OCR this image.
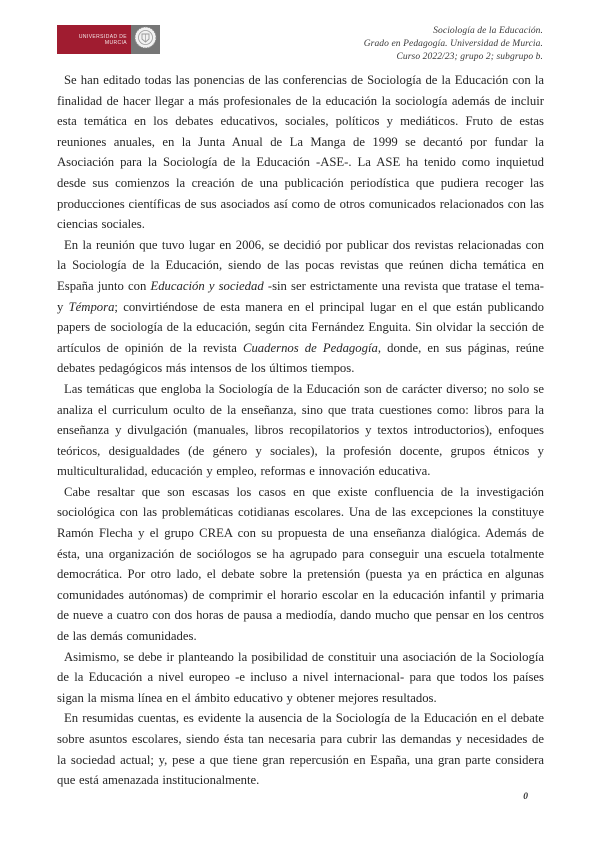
UNIVERSIDAD DE
MURCIA
Sociología de la Educación.
Grado en Pedagogía. Universidad de Murcia.
Curso 2022/23; grupo 2; subgrupo b.

Se han editado todas las ponencias de las conferencias de Sociología de la Educación con la finalidad de hacer llegar a más profesionales de la educación la sociología además de incluir esta temática en los debates educativos, sociales, políticos y mediáticos. Fruto de estas reuniones anuales, en la Junta Anual de La Manga de 1999 se decantó por fundar la Asociación para la Sociología de la Educación -ASE-. La ASE ha tenido como inquietud desde sus comienzos la creación de una publicación periodística que pudiera recoger las producciones científicas de sus asociados así como de otros comunicados relacionados con las ciencias sociales.

En la reunión que tuvo lugar en 2006, se decidió por publicar dos revistas relacionadas con la Sociología de la Educación, siendo de las pocas revistas que reúnen dicha temática en España junto con Educación y sociedad -sin ser estrictamente una revista que tratase el tema- y Témpora; convirtiéndose de esta manera en el principal lugar en el que están publicando papers de sociología de la educación, según cita Fernández Enguita. Sin olvidar la sección de artículos de opinión de la revista Cuadernos de Pedagogía, donde, en sus páginas, reúne debates pedagógicos más intensos de los últimos tiempos.

Las temáticas que engloba la Sociología de la Educación son de carácter diverso; no solo se analiza el curriculum oculto de la enseñanza, sino que trata cuestiones como: libros para la enseñanza y divulgación (manuales, libros recopilatorios y textos introductorios), enfoques teóricos, desigualdades (de género y sociales), la profesión docente, grupos étnicos y multiculturalidad, educación y empleo, reformas e innovación educativa.

Cabe resaltar que son escasas los casos en que existe confluencia de la investigación sociológica con las problemáticas cotidianas escolares. Una de las excepciones la constituye Ramón Flecha y el grupo CREA con su propuesta de una enseñanza dialógica. Además de ésta, una organización de sociólogos se ha agrupado para conseguir una escuela totalmente democrática. Por otro lado, el debate sobre la pretensión (puesta ya en práctica en algunas comunidades autónomas) de comprimir el horario escolar en la educación infantil y primaria de nueve a cuatro con dos horas de pausa a mediodía, dando mucho que pensar en los centros de las demás comunidades.

Asimismo, se debe ir planteando la posibilidad de constituir una asociación de la Sociología de la Educación a nivel europeo -e incluso a nivel internacional- para que todos los países sigan la misma línea en el ámbito educativo y obtener mejores resultados.

En resumidas cuentas, es evidente la ausencia de la Sociología de la Educación en el debate sobre asuntos escolares, siendo ésta tan necesaria para cubrir las demandas y necesidades de la sociedad actual; y, pese a que tiene gran repercusión en España, una gran parte considera que está amenazada institucionalmente.

0
